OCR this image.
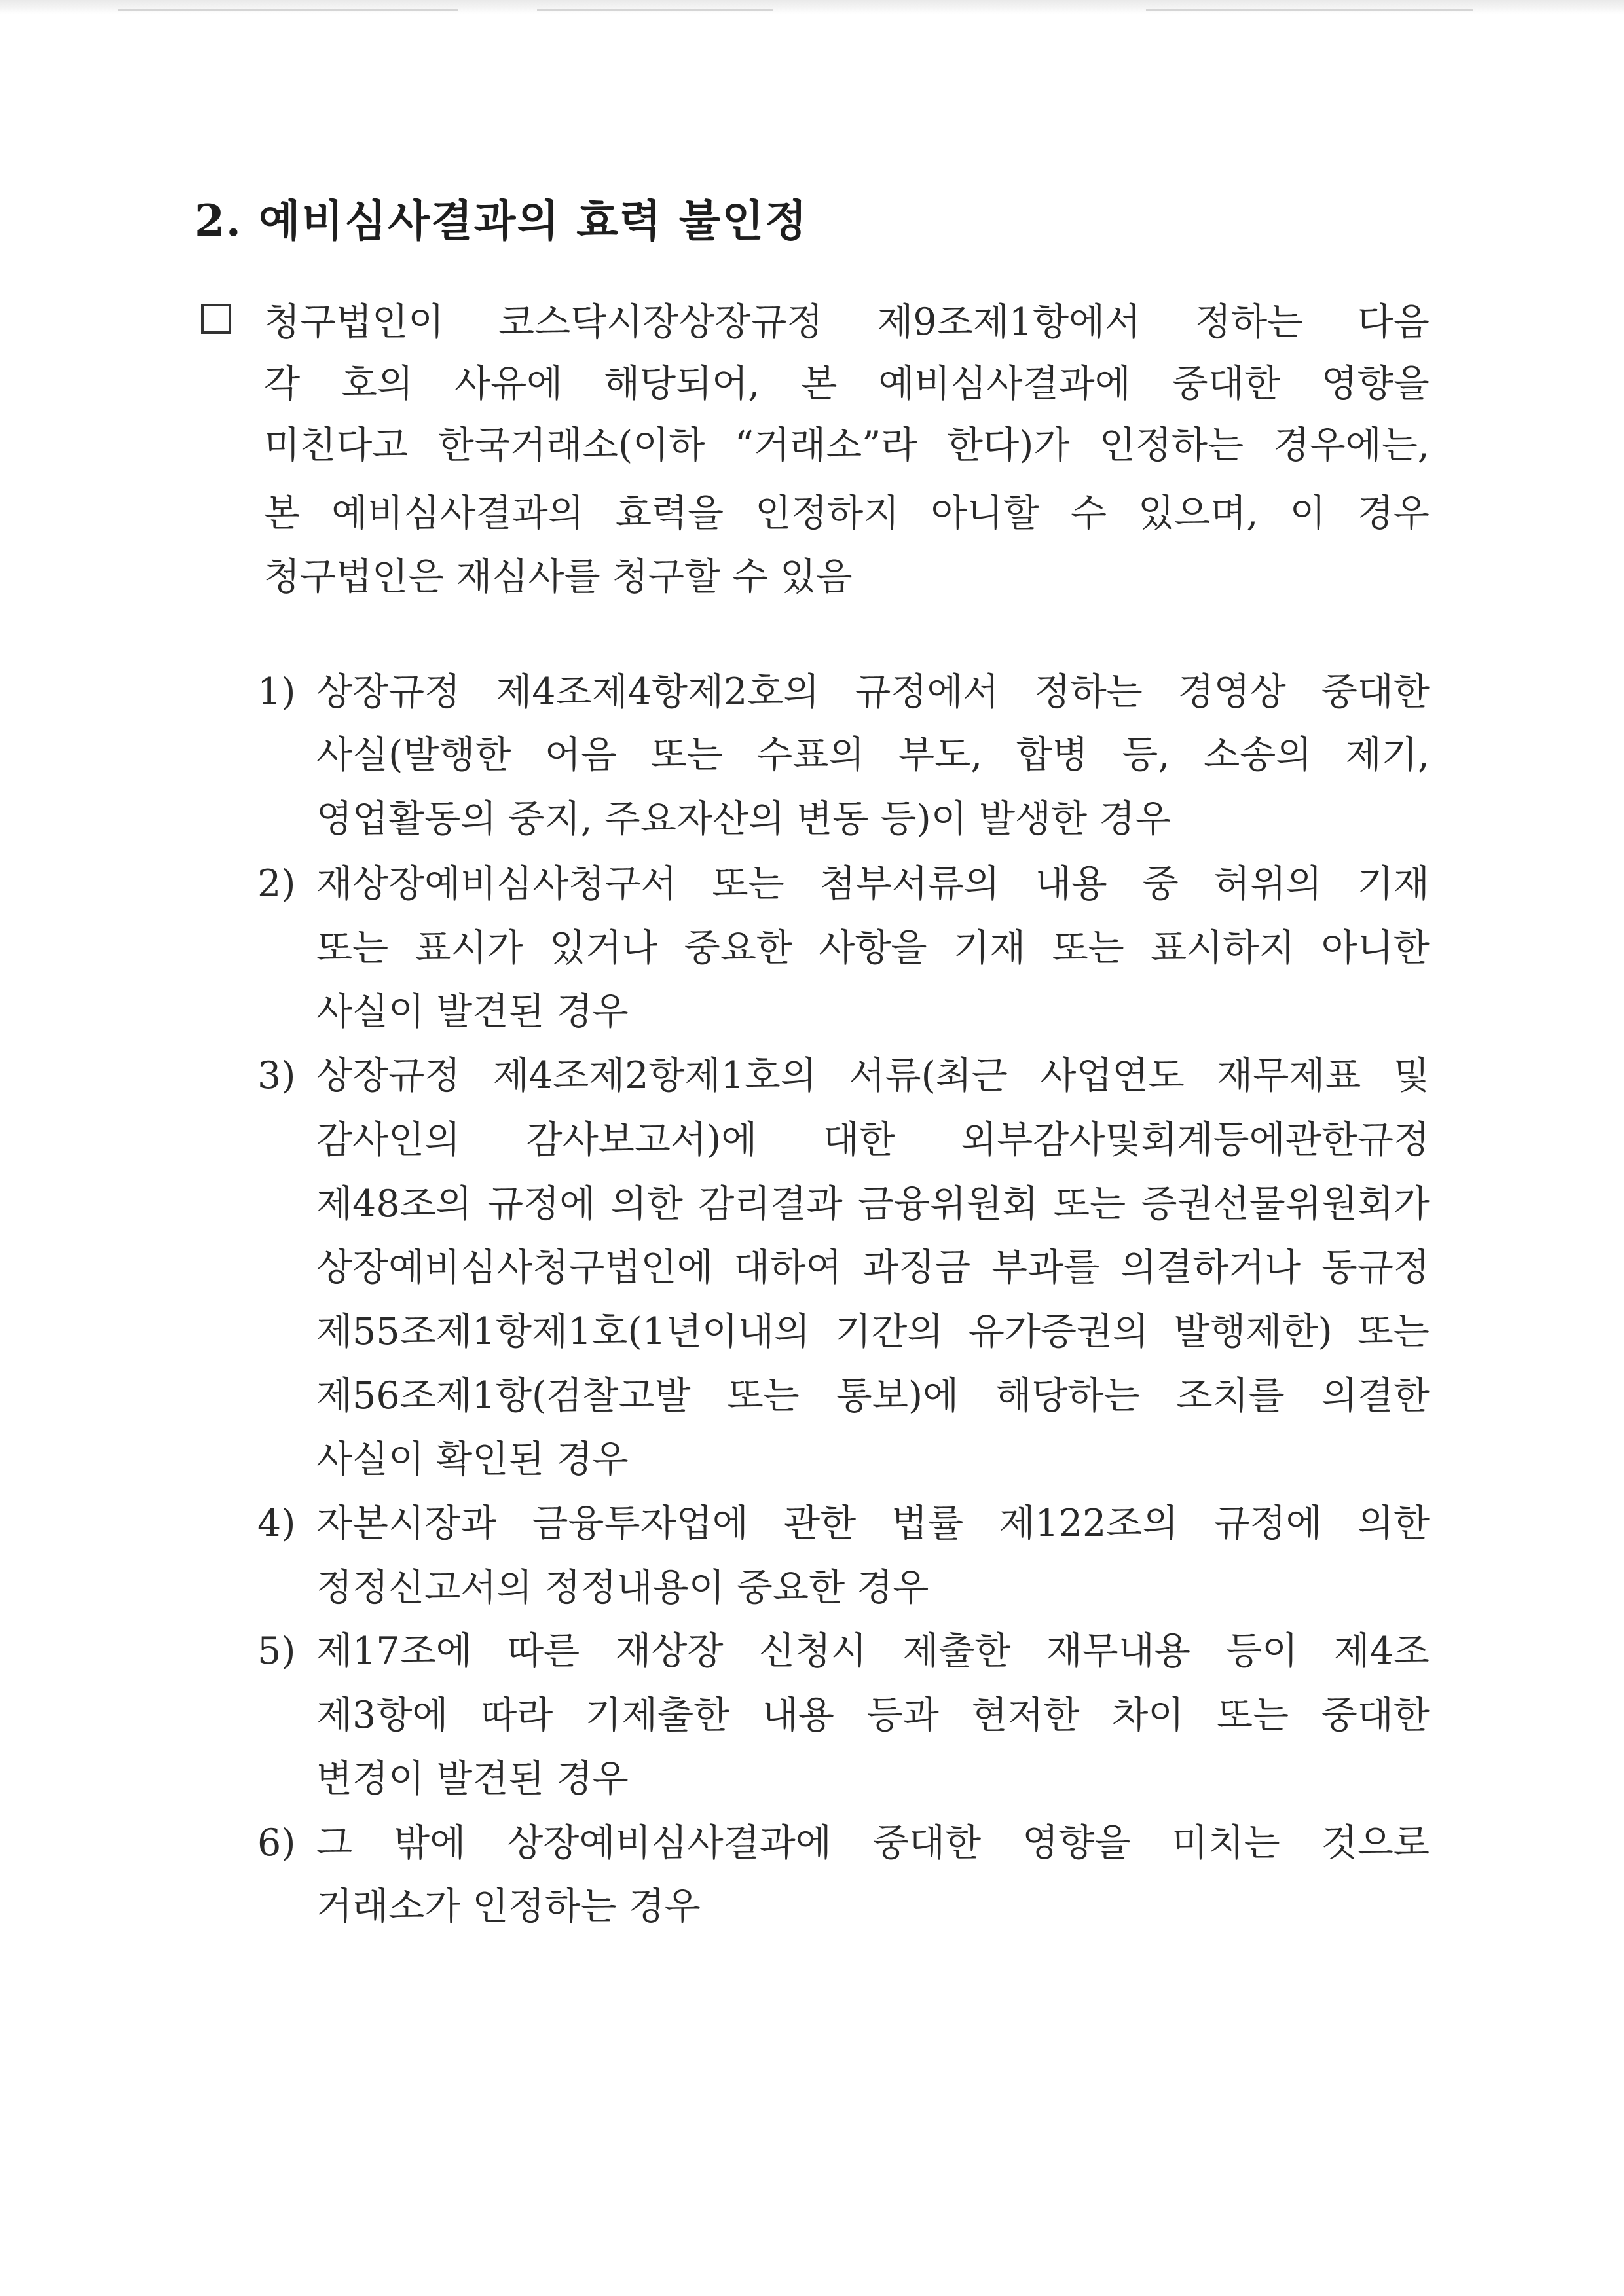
2. 예비심사결과의 효력 불인정
청구법인이 코스닥시장상장규정 제9조제1항에서 정하는 다음
각 호의 사유에 해당되어, 본 예비심사결과에 중대한 영향을
미친다고 한국거래소(이하 “거래소”라 한다)가 인정하는 경우에는,
본 예비심사결과의 효력을 인정하지 아니할 수 있으며, 이 경우
청구법인은 재심사를 청구할 수 있음
1) 상장규정 제4조제4항제2호의 규정에서 정하는 경영상 중대한
사실(발행한 어음 또는 수표의 부도, 합병 등, 소송의 제기,
영업활동의 중지, 주요자산의 변동 등)이 발생한 경우
2) 재상장예비심사청구서 또는 첨부서류의 내용 중 허위의 기재
또는 표시가 있거나 중요한 사항을 기재 또는 표시하지 아니한
사실이 발견된 경우
3) 상장규정 제4조제2항제1호의 서류(최근 사업연도 재무제표 및
감사인의 감사보고서)에 대한 외부감사및회계등에관한규정
제48조의 규정에 의한 감리결과 금융위원회 또는 증권선물위원회가
상장예비심사청구법인에 대하여 과징금 부과를 의결하거나 동규정
제55조제1항제1호(1년이내의 기간의 유가증권의 발행제한) 또는
제56조제1항(검찰고발 또는 통보)에 해당하는 조치를 의결한
사실이 확인된 경우
4) 자본시장과 금융투자업에 관한 법률 제122조의 규정에 의한
정정신고서의 정정내용이 중요한 경우
5) 제17조에 따른 재상장 신청시 제출한 재무내용 등이 제4조
제3항에 따라 기제출한 내용 등과 현저한 차이 또는 중대한
변경이 발견된 경우
6) 그 밖에 상장예비심사결과에 중대한 영향을 미치는 것으로
거래소가 인정하는 경우
